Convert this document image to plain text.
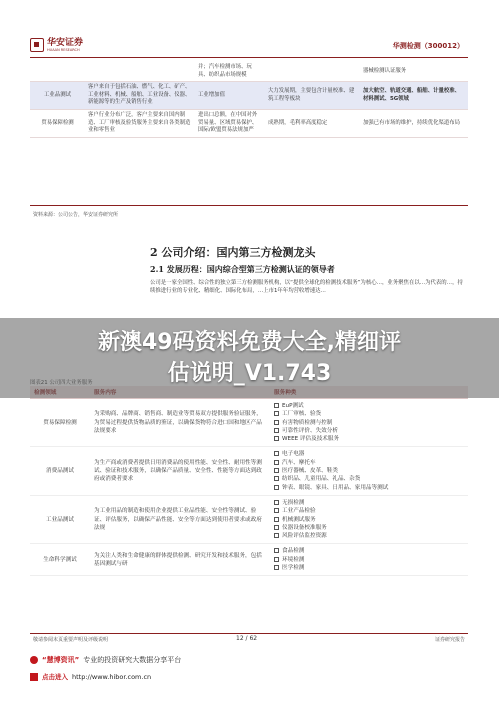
华安证券
HUAAN RESEARCH	华测检测（300012）
		并；汽车检测市场、玩具、纺织品市场规模		器械检测认证服务
工业品测试	客户来自于包括石油、燃气、化工、矿产、工业材料、机械、船舶、工业设备、仪器、新能源等的生产及销售行业	工业增加值	大力发展期，主要包含计量校准、建筑工程等板块	加大航空、轨道交通、船舶、计量校准、材料测试、5G领域
贸易保障检测	客户行业分布广泛，客户主要来自国内制造、工厂审核及验货服务主要来自各类制造业和零售业	进出口总额，在中国对外贸易量、区域贸易保护、国际/欧盟贸易法规加严	成熟期，毛利率高度稳定	加强已有市场的维护，持续优化渠道布局
资料来源：公司公告，华安证券研究所
2 公司介绍：国内第三方检测龙头
2.1 发展历程：国内综合型第三方检测认证的领导者
公司是一家全国性、综合性的独立第三方检测服务机构，以“提供全球化的检测技术服务”为核心…，业务聚焦在以…为代表的…，持续推进行业的专业化、精细化、国际化布局，…上市1年年均营收增速达…

贸易保障检测	为采购商、品牌商、销售商、制造业等贸易双方提供服务验证服务，为贸易过程提供货物品质的鉴证，以确保货物符合进口国和地区产品法规要求	EuP测试
工厂审核、验货
有害物质检测与控制
可靠性评价、失效分析
WEEE 评估及技术服务

消费品测试	为生产商或消费者提供日用消费品的使用性能、安全性、耐用性等测试、验证和技术服务，以确保产品质量、安全性、性能等方面达到政府或消费者要求	电子电器
汽车、摩托车
医疗器械、皮革、鞋类
纺织品、儿童用品、礼品、杂货
钟表、眼镜、家具、日用品、家用品等测试

工业品测试	为工业用品的制造和使用企业提供工业品性能、安全性等测试、验证、评估服务，以确保产品性能、安全等方面达到使用者要求或政府法规	无损检测
工业产品检验
机械测试服务
仪器设备校准服务
风险评估监控资源

生命科学测试	为关注人类和生命健康的群体提供检测、研究开发和技术服务，包括基因测试与研	食品检测
环境检测
医学检测
新澳49码资料免费大全,精细评
估说明_V1.743
敬请参阅末页重要声明及评级说明	12 / 62	证券研究报告
“慧博资讯” 专业的投资研究大数据分享平台
点击进入 http://www.hibor.com.cn
